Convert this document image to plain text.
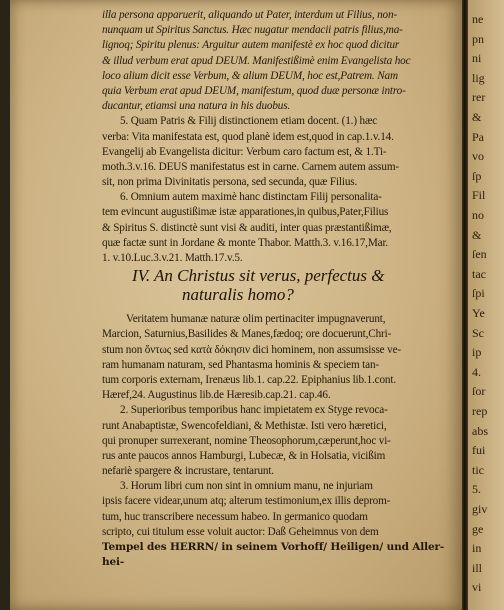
illa persona apparuerit, aliquando ut Pater, interdum ut Filius, non-
nunquam ut Spiritus Sanctus. Hæc nugatur mendacii patris filius,ma-
lignoq; Spiritu plenus: Arguitur autem manifestè ex hoc quod dicitur
& illud verbum erat apud DEUM. Manifestißimè enim Evangelista hoc
loco alium dicit esse Verbum, & alium DEUM, hoc est,Patrem. Nam
quia Verbum erat apud DEUM, manifestum, quod duæ personæ intro-
ducantur, etiamsi una natura in his duobus.
5. Quam Patris & Filij distinctionem etiam docent. (1.) hæc
verba: Vita manifestata est, quod planè idem est,quod in cap.1.v.14.
Evangelij ab Evangelista dicitur: Verbum caro factum est, & 1.Ti-
moth.3.v.16. DEUS manifestatus est in carne. Carnem autem assum-
sit, non prima Divinitatis persona, sed secunda, quæ Filius.
6. Omnium autem maximè hanc distinctam Filij personalita-
tem evincunt augustißimæ istæ apparationes,in quibus,Pater,Filius
& Spiritus S. distinctè sunt visi & auditi, inter quas præstantißimæ,
quæ factæ sunt in Jordane & monte Thabor. Matth.3. v.16.17,Mar.
1. v.10.Luc.3.v.21. Matth.17.v.5.
IV. An Christus sit verus, perfectus &
naturalis homo?
Veritatem humanæ naturæ olim pertinaciter impugnaverunt,
Marcion, Saturnius,Basilides & Manes,fædoq; ore docuerunt,Chri-
stum non ὄντως sed κατὰ δόκησιν dici hominem, non assumsisse ve-
ram humanam naturam, sed Phantasma hominis & speciem tan-
tum corporis externam, Irenæus lib.1. cap.22. Epiphanius lib.1.cont.
Hæref,24. Augustinus lib.de Hæresib.cap.21. cap.46.
2. Superioribus temporibus hanc impietatem ex Styge revoca-
runt Anabaptistæ, Swencofeldiani, & Methistæ. Isti vero hæretici,
qui pronuper surrexerant, nomine Theosophorum,cæperunt,hoc vi-
rus ante paucos annos Hamburgi, Lubecæ, & in Holsatia, vicißim
nefariè spargere & incrustare, tentarunt.
3. Horum libri cum non sint in omnium manu, ne injuriam
ipsis facere videar,unum atq; alterum testimonium,ex illis deprom-
tum, huc transcribere necessum habeo. In germanico quodam
scripto, cui titulum esse voluit auctor: Daß Geheimnus von dem
Tempel des HERRN/ in seinem Vorhoff/ Heiligen/ und Aller-
hei-
ne
pn
ni
lig
rer
&
Pa
vo
ſp
Fil
no
&
ſen
tac
ſpi
Ye
Sc
ip
4.
ſor
rep
abs
fui
tic
5.
giv
ge
in
ill
vi
